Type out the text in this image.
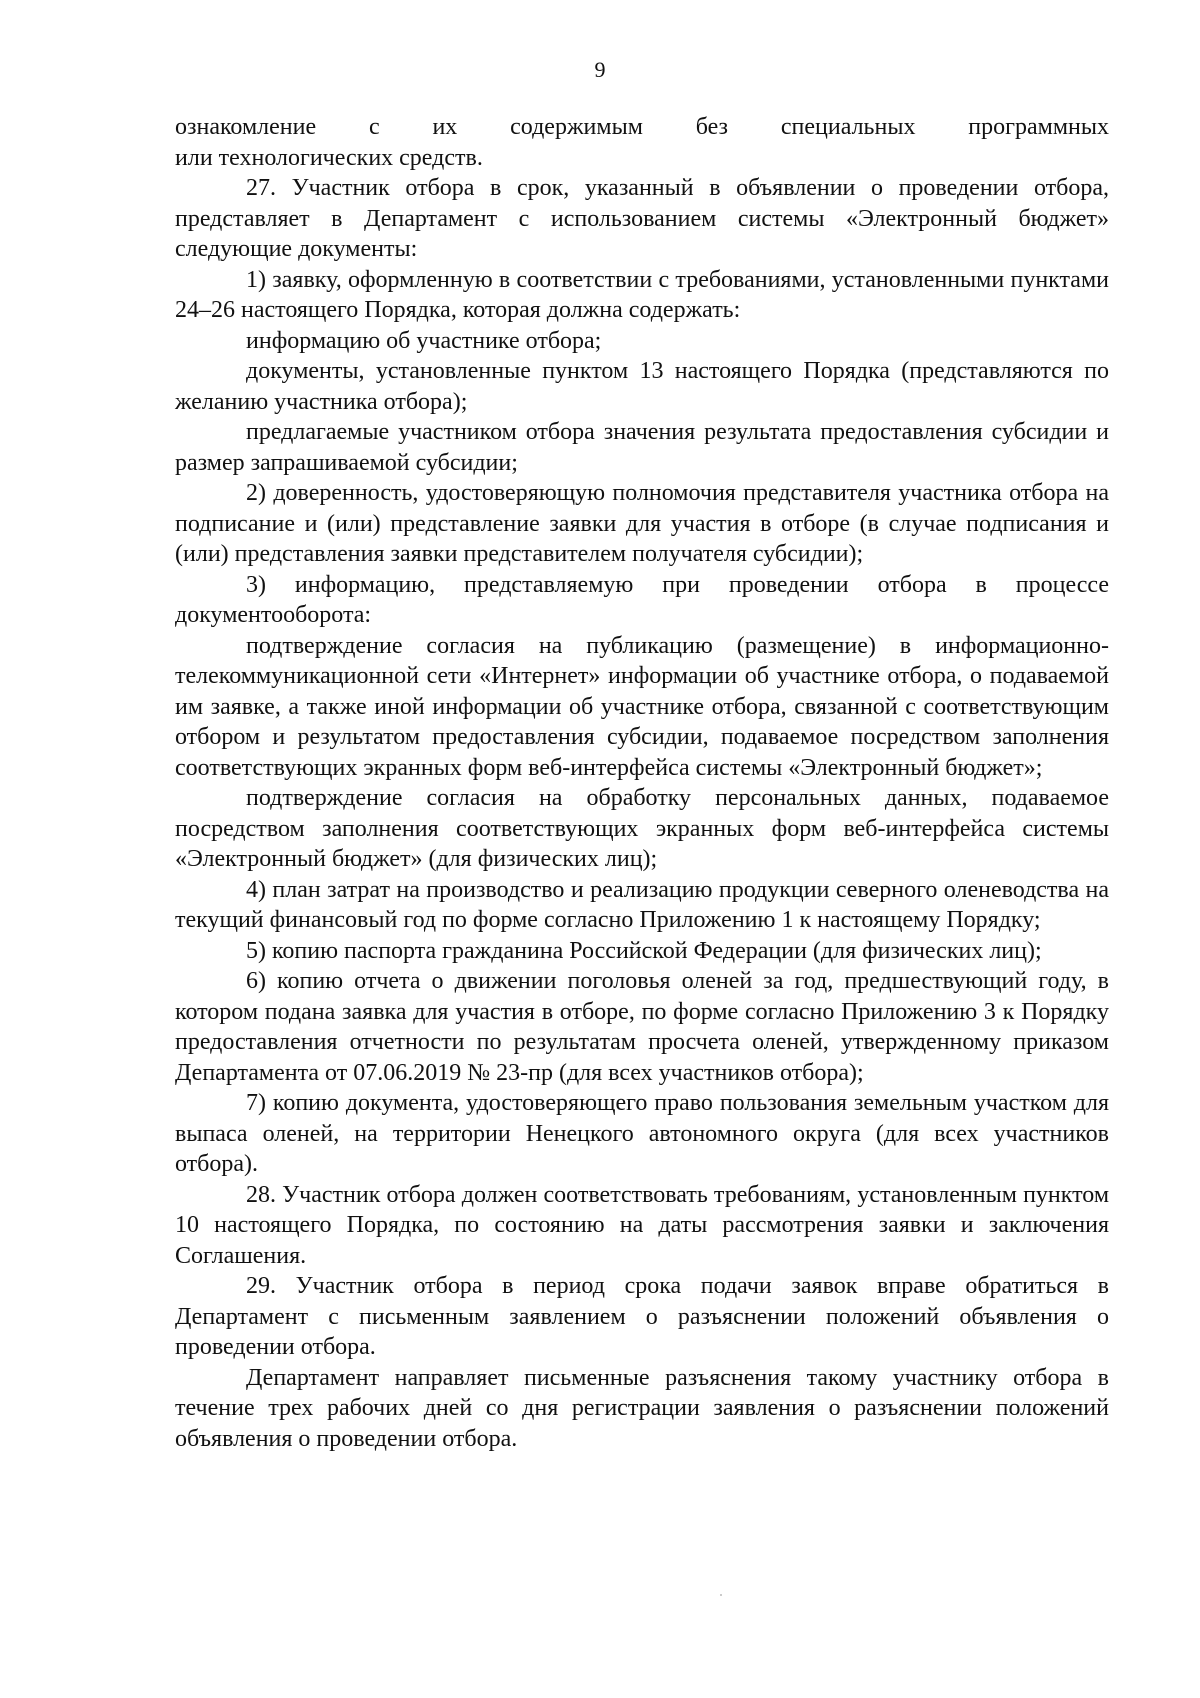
9

ознакомление с их содержимым без специальных программных

или технологических средств.

27. Участник отбора в срок, указанный в объявлении о проведении отбора, представляет в Департамент с использованием системы «Электронный бюджет» следующие документы:

1) заявку, оформленную в соответствии с требованиями, установленными пунктами 24–26 настоящего Порядка, которая должна содержать:

информацию об участнике отбора;

документы, установленные пунктом 13 настоящего Порядка (представляются по желанию участника отбора);

предлагаемые участником отбора значения результата предоставления субсидии и размер запрашиваемой субсидии;

2) доверенность, удостоверяющую полномочия представителя участника отбора на подписание и (или) представление заявки для участия в отборе (в случае подписания и (или) представления заявки представителем получателя субсидии);

3) информацию, представляемую при проведении отбора в процессе документооборота:

подтверждение согласия на публикацию (размещение) в информационно-телекоммуникационной сети «Интернет» информации об участнике отбора, о подаваемой им заявке, а также иной информации об участнике отбора, связанной с соответствующим отбором и результатом предоставления субсидии, подаваемое посредством заполнения соответствующих экранных форм веб-интерфейса системы «Электронный бюджет»;

подтверждение согласия на обработку персональных данных, подаваемое посредством заполнения соответствующих экранных форм веб-интерфейса системы «Электронный бюджет» (для физических лиц);

4) план затрат на производство и реализацию продукции северного оленеводства на текущий финансовый год по форме согласно Приложению 1 к настоящему Порядку;

5) копию паспорта гражданина Российской Федерации (для физических лиц);

6) копию отчета о движении поголовья оленей за год, предшествующий году, в котором подана заявка для участия в отборе, по форме согласно Приложению 3 к Порядку предоставления отчетности по результатам просчета оленей, утвержденному приказом Департамента от 07.06.2019 № 23-пр (для всех участников отбора);

7) копию документа, удостоверяющего право пользования земельным участком для выпаса оленей, на территории Ненецкого автономного округа (для всех участников отбора).

28. Участник отбора должен соответствовать требованиям, установленным пунктом 10 настоящего Порядка, по состоянию на даты рассмотрения заявки и заключения Соглашения.

29. Участник отбора в период срока подачи заявок вправе обратиться в Департамент с письменным заявлением о разъяснении положений объявления о проведении отбора.

Департамент направляет письменные разъяснения такому участнику отбора в течение трех рабочих дней со дня регистрации заявления о разъяснении положений объявления о проведении отбора.
